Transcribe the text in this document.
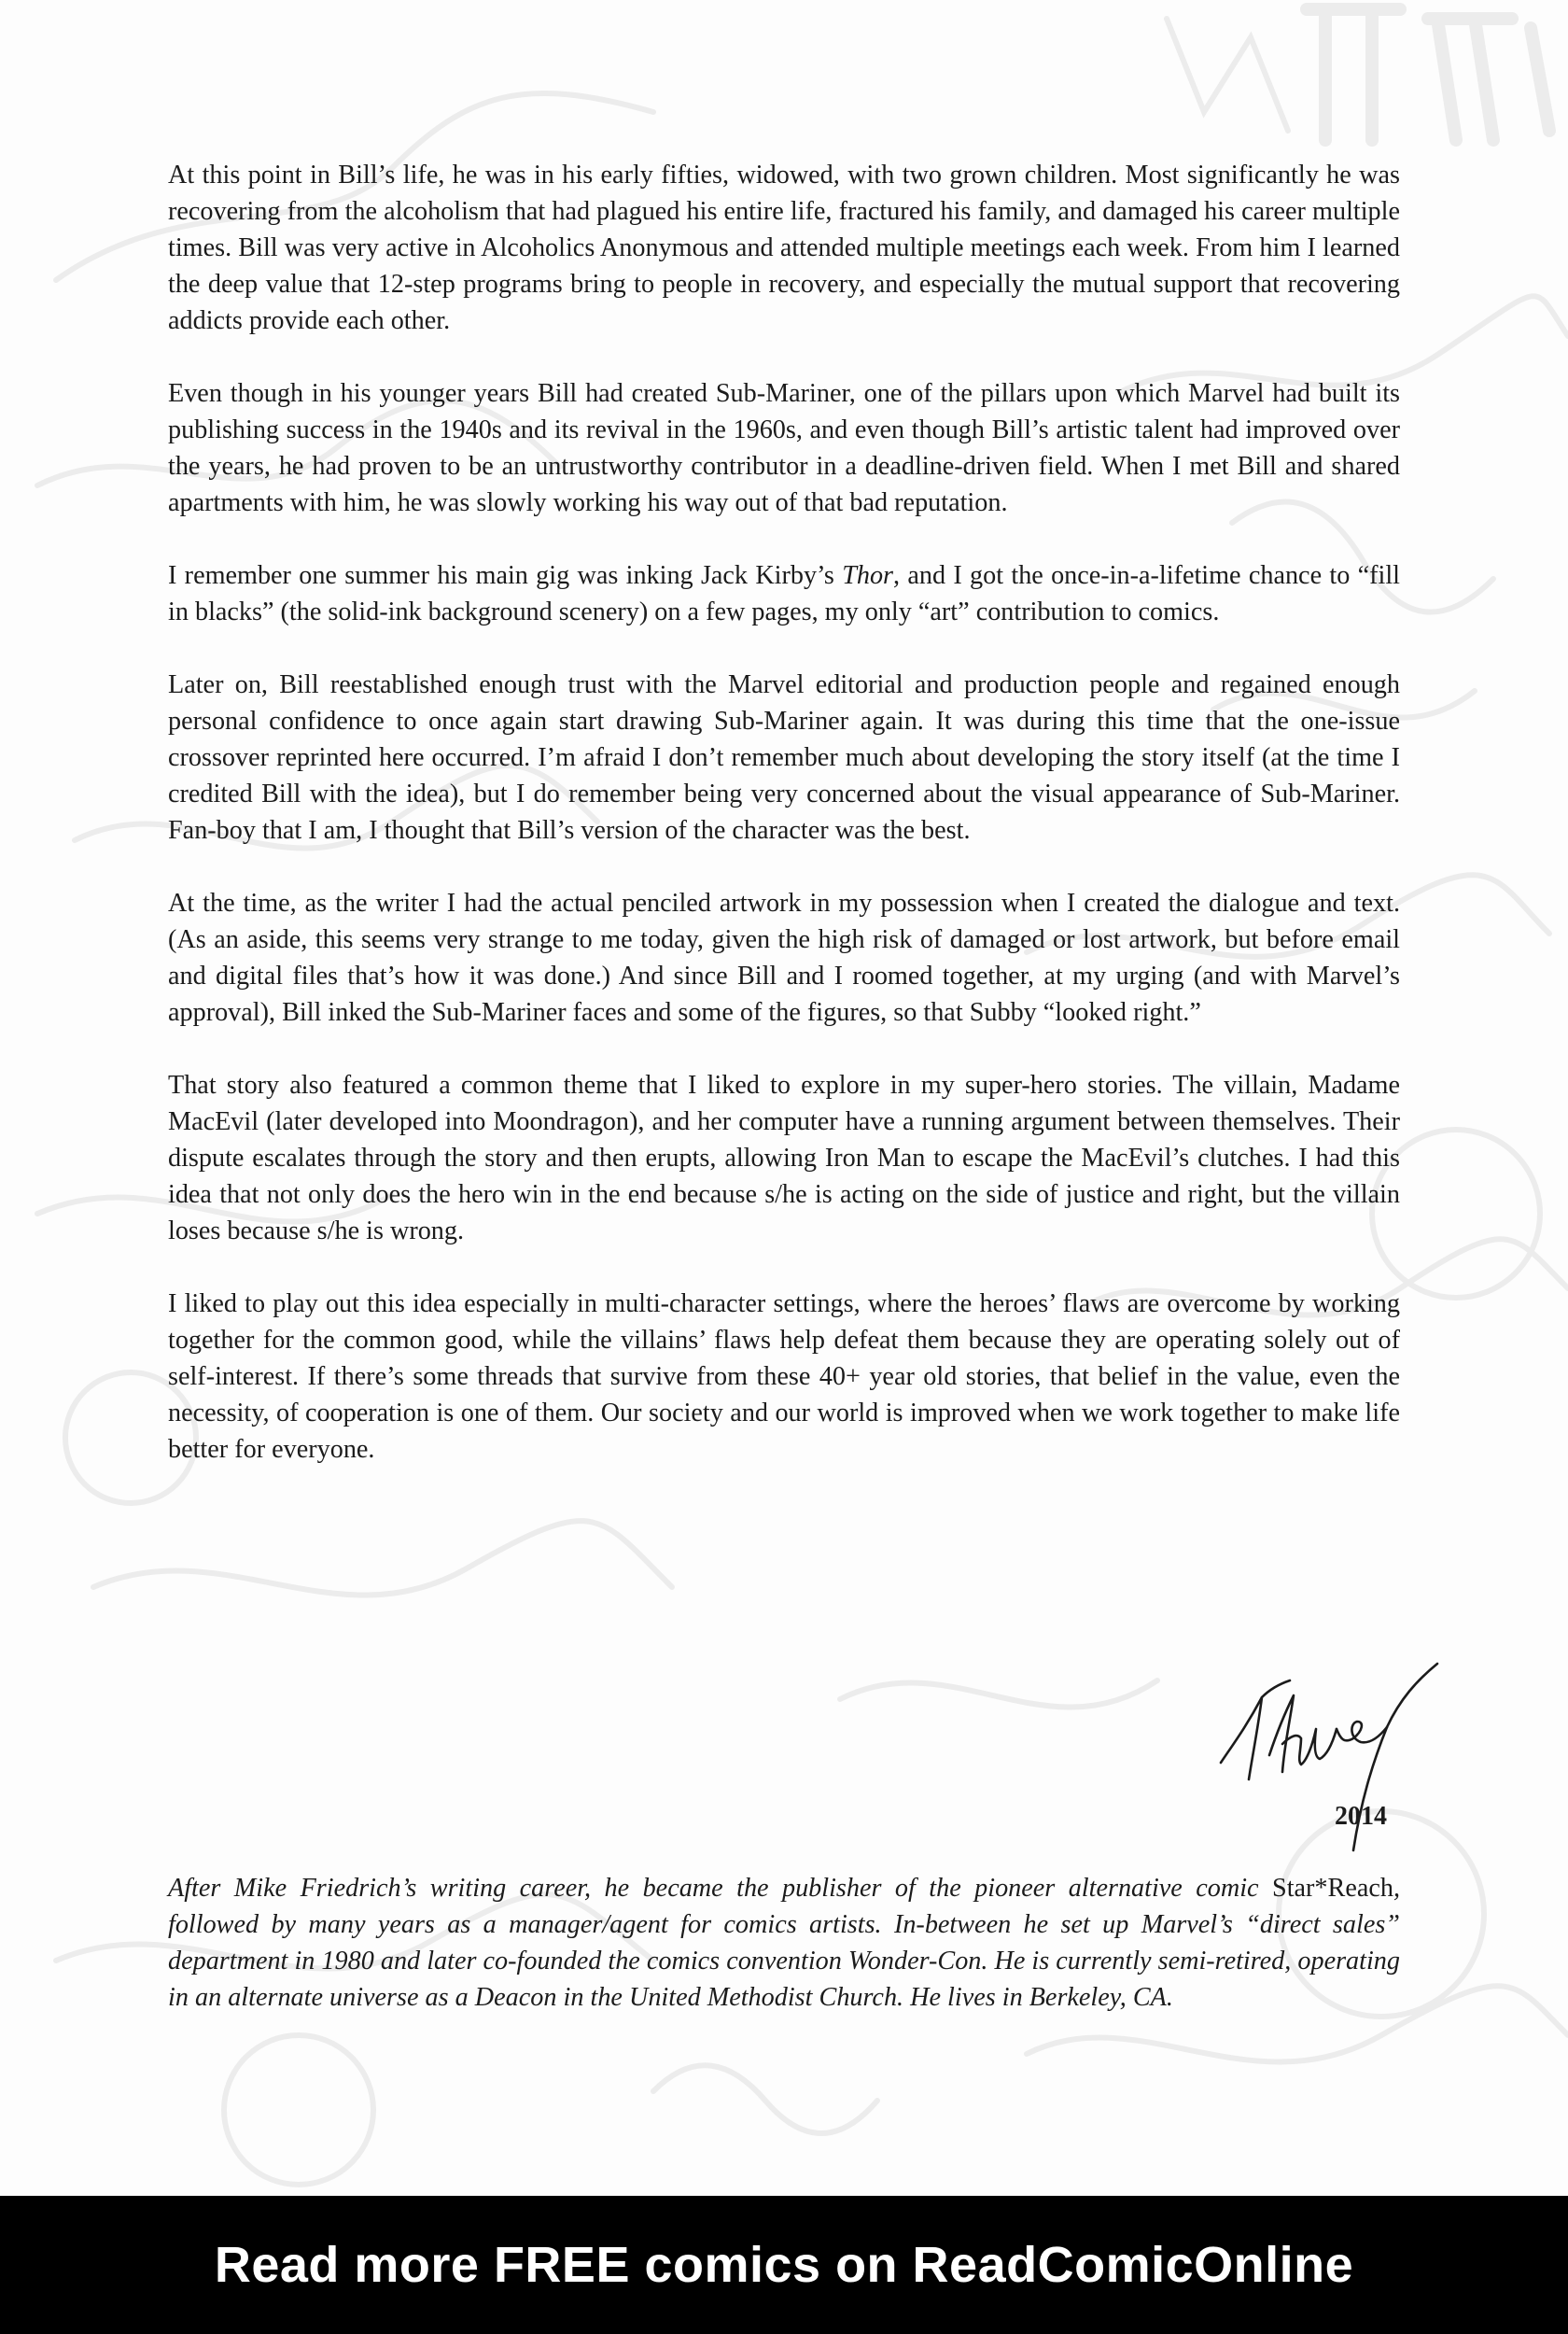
At this point in Bill’s life, he was in his early fifties, widowed, with two grown children. Most significantly he was recovering from the alcoholism that had plagued his entire life, fractured his family, and damaged his career multiple times. Bill was very active in Alcoholics Anonymous and attended multiple meetings each week. From him I learned the deep value that 12-step programs bring to people in recovery, and especially the mutual support that recovering addicts provide each other.

Even though in his younger years Bill had created Sub-Mariner, one of the pillars upon which Marvel had built its publishing success in the 1940s and its revival in the 1960s, and even though Bill’s artistic talent had improved over the years, he had proven to be an untrustworthy contributor in a deadline-driven field. When I met Bill and shared apartments with him, he was slowly working his way out of that bad reputation.

I remember one summer his main gig was inking Jack Kirby’s Thor, and I got the once-in-a-lifetime chance to “fill in blacks” (the solid-ink background scenery) on a few pages, my only “art” contribution to comics.

Later on, Bill reestablished enough trust with the Marvel editorial and production people and regained enough personal confidence to once again start drawing Sub-Mariner again. It was during this time that the one-issue crossover reprinted here occurred. I’m afraid I don’t remember much about developing the story itself (at the time I credited Bill with the idea), but I do remember being very concerned about the visual appearance of Sub-Mariner. Fan-boy that I am, I thought that Bill’s version of the character was the best.

At the time, as the writer I had the actual penciled artwork in my possession when I created the dialogue and text. (As an aside, this seems very strange to me today, given the high risk of damaged or lost artwork, but before email and digital files that’s how it was done.) And since Bill and I roomed together, at my urging (and with Marvel’s approval), Bill inked the Sub-Mariner faces and some of the figures, so that Subby “looked right.”

That story also featured a common theme that I liked to explore in my super-hero stories. The villain, Madame MacEvil (later developed into Moondragon), and her computer have a running argument between themselves. Their dispute escalates through the story and then erupts, allowing Iron Man to escape the MacEvil’s clutches. I had this idea that not only does the hero win in the end because s/he is acting on the side of justice and right, but the villain loses because s/he is wrong.

I liked to play out this idea especially in multi-character settings, where the heroes’ flaws are overcome by working together for the common good, while the villains’ flaws help defeat them because they are operating solely out of self-interest. If there’s some threads that survive from these 40+ year old stories, that belief in the value, even the necessity, of cooperation is one of them. Our society and our world is improved when we work together to make life better for everyone.

2014

After Mike Friedrich’s writing career, he became the publisher of the pioneer alternative comic Star*Reach, followed by many years as a manager/agent for comics artists. In-between he set up Marvel’s “direct sales” department in 1980 and later co-founded the comics convention Wonder-Con. He is currently semi-retired, operating in an alternate universe as a Deacon in the United Methodist Church. He lives in Berkeley, CA.

Read more FREE comics on ReadComicOnline
